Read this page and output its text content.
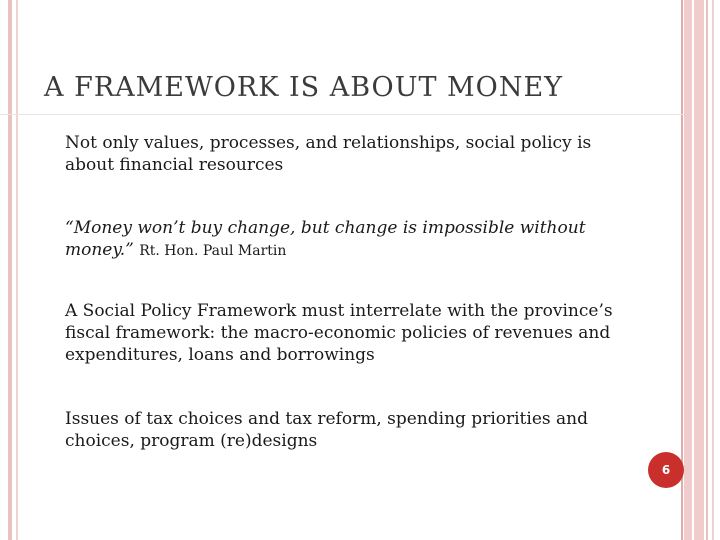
A FRAMEWORK IS ABOUT MONEY
Not only values, processes, and relationships, social policy is about financial resources
“Money won’t buy change, but change is impossible without money.” Rt. Hon. Paul Martin
A Social Policy Framework must interrelate with the province’s fiscal framework: the macro-economic policies of revenues and expenditures, loans and borrowings
Issues of tax choices and tax reform, spending priorities and choices, program (re)designs
6
